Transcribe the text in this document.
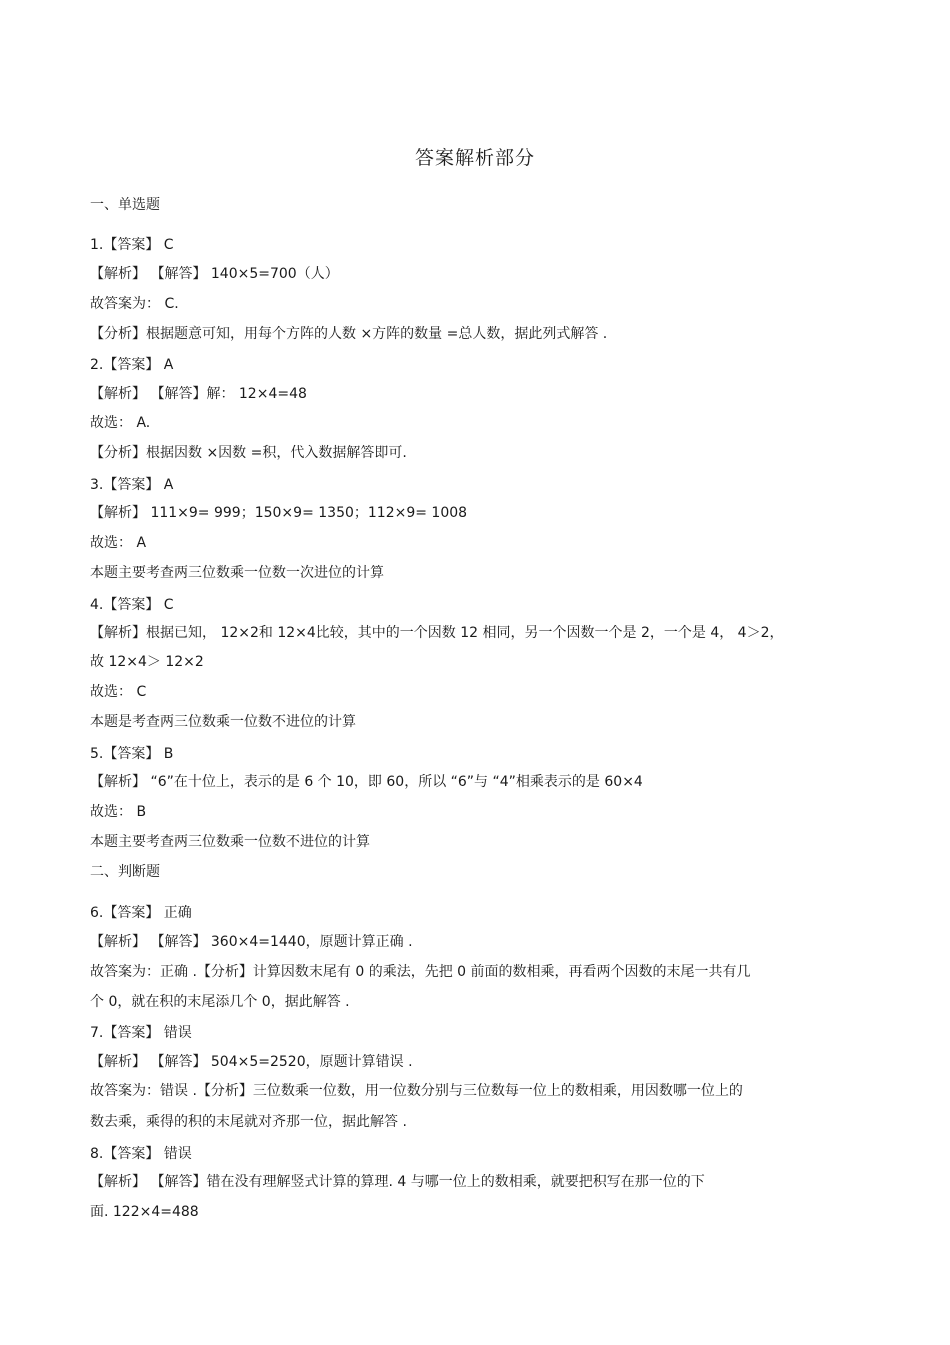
答案解析部分
一、单选题
1.【答案】 C
【解析】 【解答】 140×5=700（人）
故答案为： C.
【分析】根据题意可知，用每个方阵的人数 ×方阵的数量 =总人数，据此列式解答 .
2.【答案】 A
【解析】 【解答】解： 12×4=48
故选： A.
【分析】根据因数 ×因数 =积，代入数据解答即可.
3.【答案】 A
【解析】 111×9= 999；150×9= 1350；112×9= 1008
故选： A
本题主要考查两三位数乘一位数一次进位的计算
4.【答案】 C
【解析】根据已知， 12×2和 12×4比较，其中的一个因数 12 相同，另一个因数一个是 2，一个是 4， 4＞2，
故 12×4＞ 12×2
故选： C
本题是考查两三位数乘一位数不进位的计算
5.【答案】 B
【解析】 “6”在十位上，表示的是 6 个 10，即 60，所以 “6”与 “4”相乘表示的是 60×4
故选： B
本题主要考查两三位数乘一位数不进位的计算
二、判断题
6.【答案】 正确
【解析】 【解答】 360×4=1440，原题计算正确 .
故答案为：正确 .【分析】计算因数末尾有 0 的乘法，先把 0 前面的数相乘，再看两个因数的末尾一共有几
个 0，就在积的末尾添几个 0，据此解答 .
7.【答案】 错误
【解析】 【解答】 504×5=2520，原题计算错误 .
故答案为：错误 .【分析】三位数乘一位数，用一位数分别与三位数每一位上的数相乘，用因数哪一位上的
数去乘，乘得的积的末尾就对齐那一位，据此解答 .
8.【答案】 错误
【解析】 【解答】错在没有理解竖式计算的算理. 4 与哪一位上的数相乘，就要把积写在那一位的下
面. 122×4=488
